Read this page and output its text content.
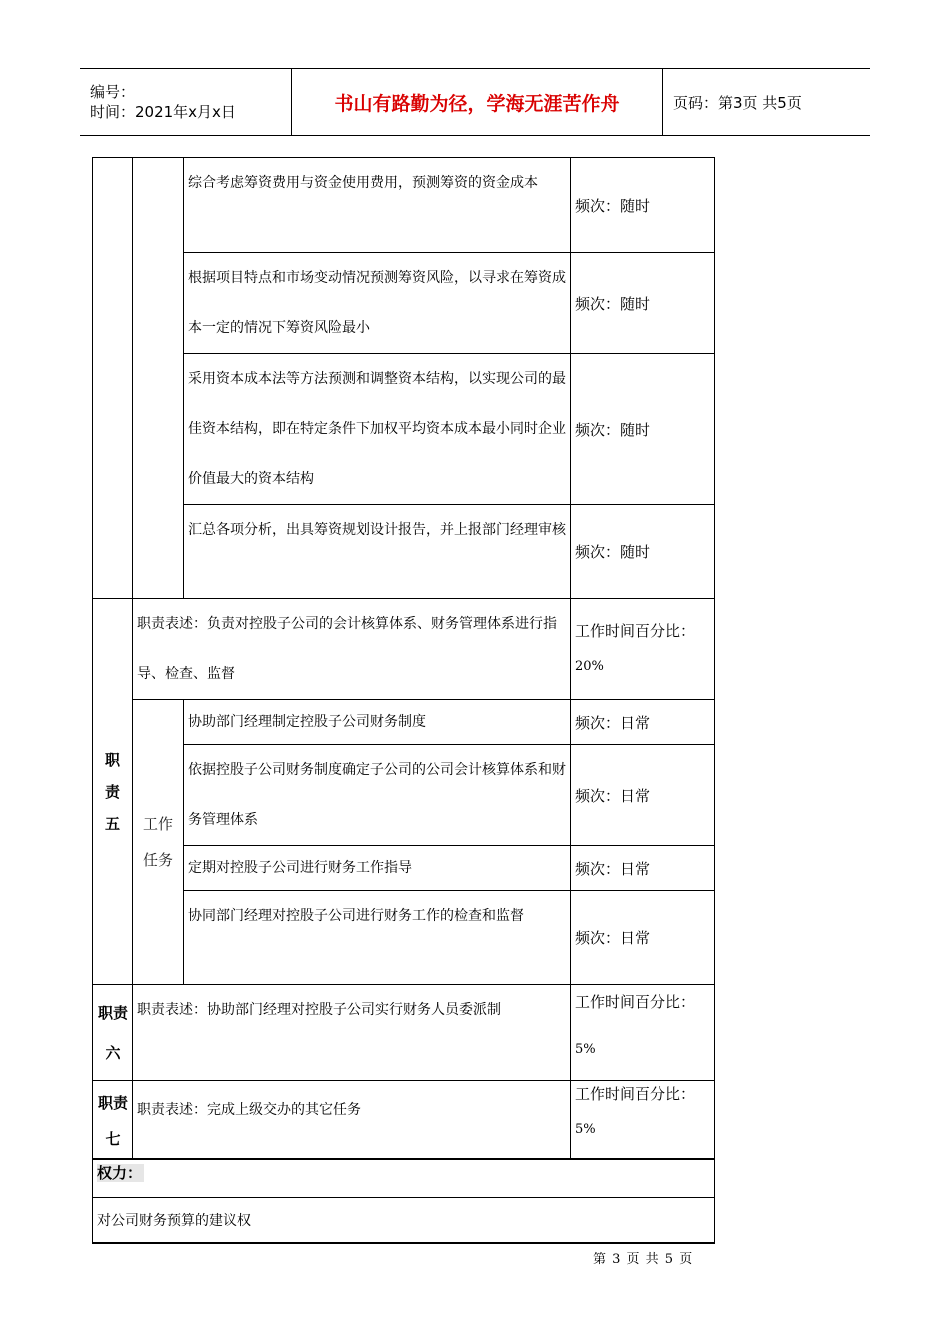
编号：
时间：2021年x月x日	书山有路勤为径，学海无涯苦作舟	页码：第3页 共5页
		综合考虑筹资费用与资金使用费用，预测筹资的资金成本	频次：随时
		根据项目特点和市场变动情况预测筹资风险，以寻求在筹资成本一定的情况下筹资风险最小	频次：随时
		采用资本成本法等方法预测和调整资本结构，以实现公司的最佳资本结构，即在特定条件下加权平均资本成本最小同时企业价值最大的资本结构	频次：随时
		汇总各项分析，出具筹资规划设计报告，并上报部门经理审核	频次：随时

职责五	职责表述：负责对控股子公司的会计核算体系、财务管理体系进行指导、检查、监督		工作时间百分比：
20%

	工作任务	协助部门经理制定控股子公司财务制度	频次：日常
		依据控股子公司财务制度确定子公司的公司会计核算体系和财务管理体系	频次：日常
		定期对控股子公司进行财务工作指导	频次：日常
		协同部门经理对控股子公司进行财务工作的检查和监督	频次：日常

职责六	职责表述：协助部门经理对控股子公司实行财务人员委派制		工作时间百分比：
5%

职责七	职责表述：完成上级交办的其它任务		工作时间百分比：
5%

权力：			
对公司财务预算的建议权			
第 3 页 共 5 页
